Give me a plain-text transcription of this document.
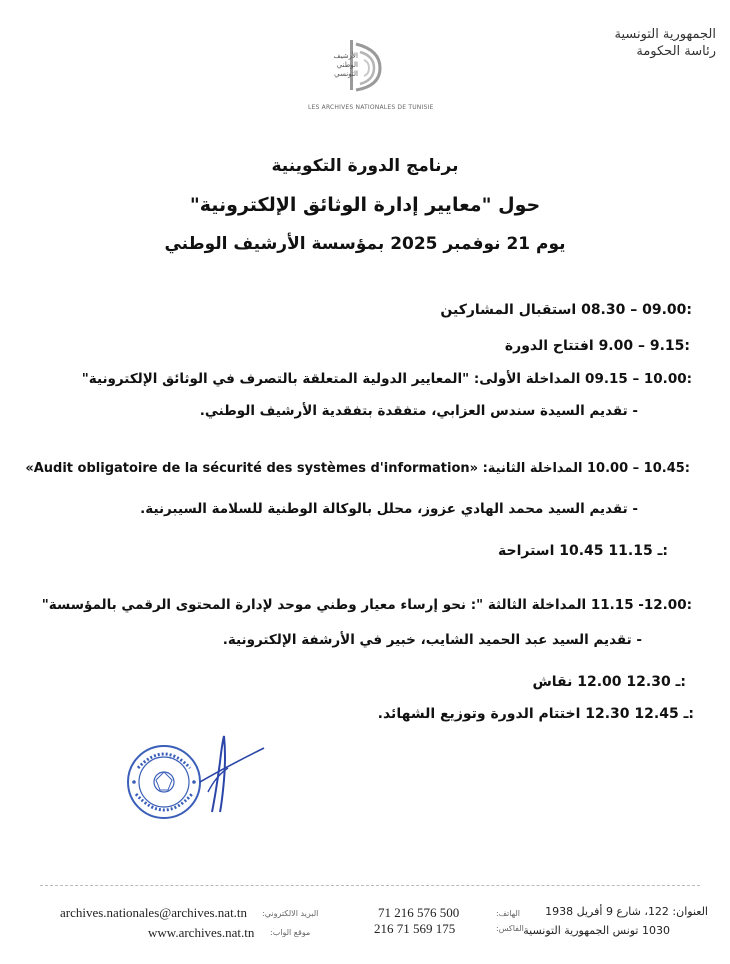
الجمهورية التونسية
رئاسة الحكومة
الأرشيف
الوطني
التونسي
LES ARCHIVES NATIONALES DE TUNISIE
برنامج الدورة التكوينية
حول "معايير إدارة الوثائق الإلكترونية"
يوم 21 نوفمبر 2025 بمؤسسة الأرشيف الوطني
08.30 – 09.00: استقبال المشاركين
9.00 – 9.15: افتتاح الدورة
09.15 – 10.00: المداخلة الأولى: "المعايير الدولية المتعلقة بالتصرف في الوثائق الإلكترونية"
- تقديم السيدة سندس العزابي، متفقدة بتفقدية الأرشيف الوطني.
10.00 – 10.45: المداخلة الثانية: «Audit obligatoire de la sécurité des systèmes d'information»
- تقديم السيد محمد الهادي عزوز، محلل بالوكالة الوطنية للسلامة السيبرنية.
10.45 ـ 11.15: استراحة
11.15 -12.00: المداخلة الثالثة ": نحو إرساء معيار وطني موحد لإدارة المحتوى الرقمي بالمؤسسة"
- تقديم السيد عبد الحميد الشايب، خبير في الأرشفة الإلكترونية.
12.00 ـ 12.30: نقاش
12.30 ـ 12.45: اختتام الدورة وتوزيع الشهائد.
archives.nationales@archives.nat.tn البريد الالكتروني:
www.archives.nat.tn موقع الواب:
71 216 576 500	الهاتف:
216 71 569 175	الفاكس:
العنوان: 122، شارع 9 أفريل 1938
1030 تونس الجمهورية التونسية
